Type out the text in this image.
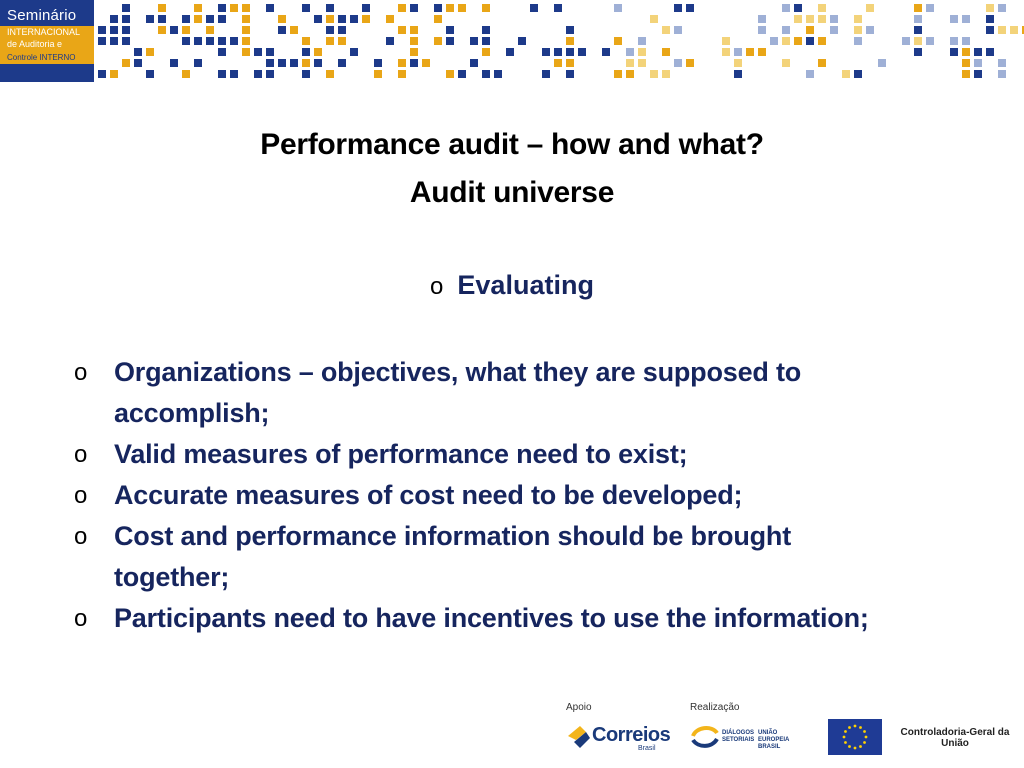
Seminário
INTERNACIONAL
de Auditoria e
Controle INTERNO
Performance audit – how and what?
Audit universe
o Evaluating
o Organizations – objectives, what they are supposed to accomplish;
o Valid measures of performance need to exist;
o Accurate measures of cost need to be developed;
o Cost and performance information should be brought together;
o Participants need to have incentives to use the information;
Apoio	Realização
Correios
Brasil
DIÁLOGOS SETORIAIS
UNIÃO EUROPEIA BRASIL
Controladoria-Geral da União
